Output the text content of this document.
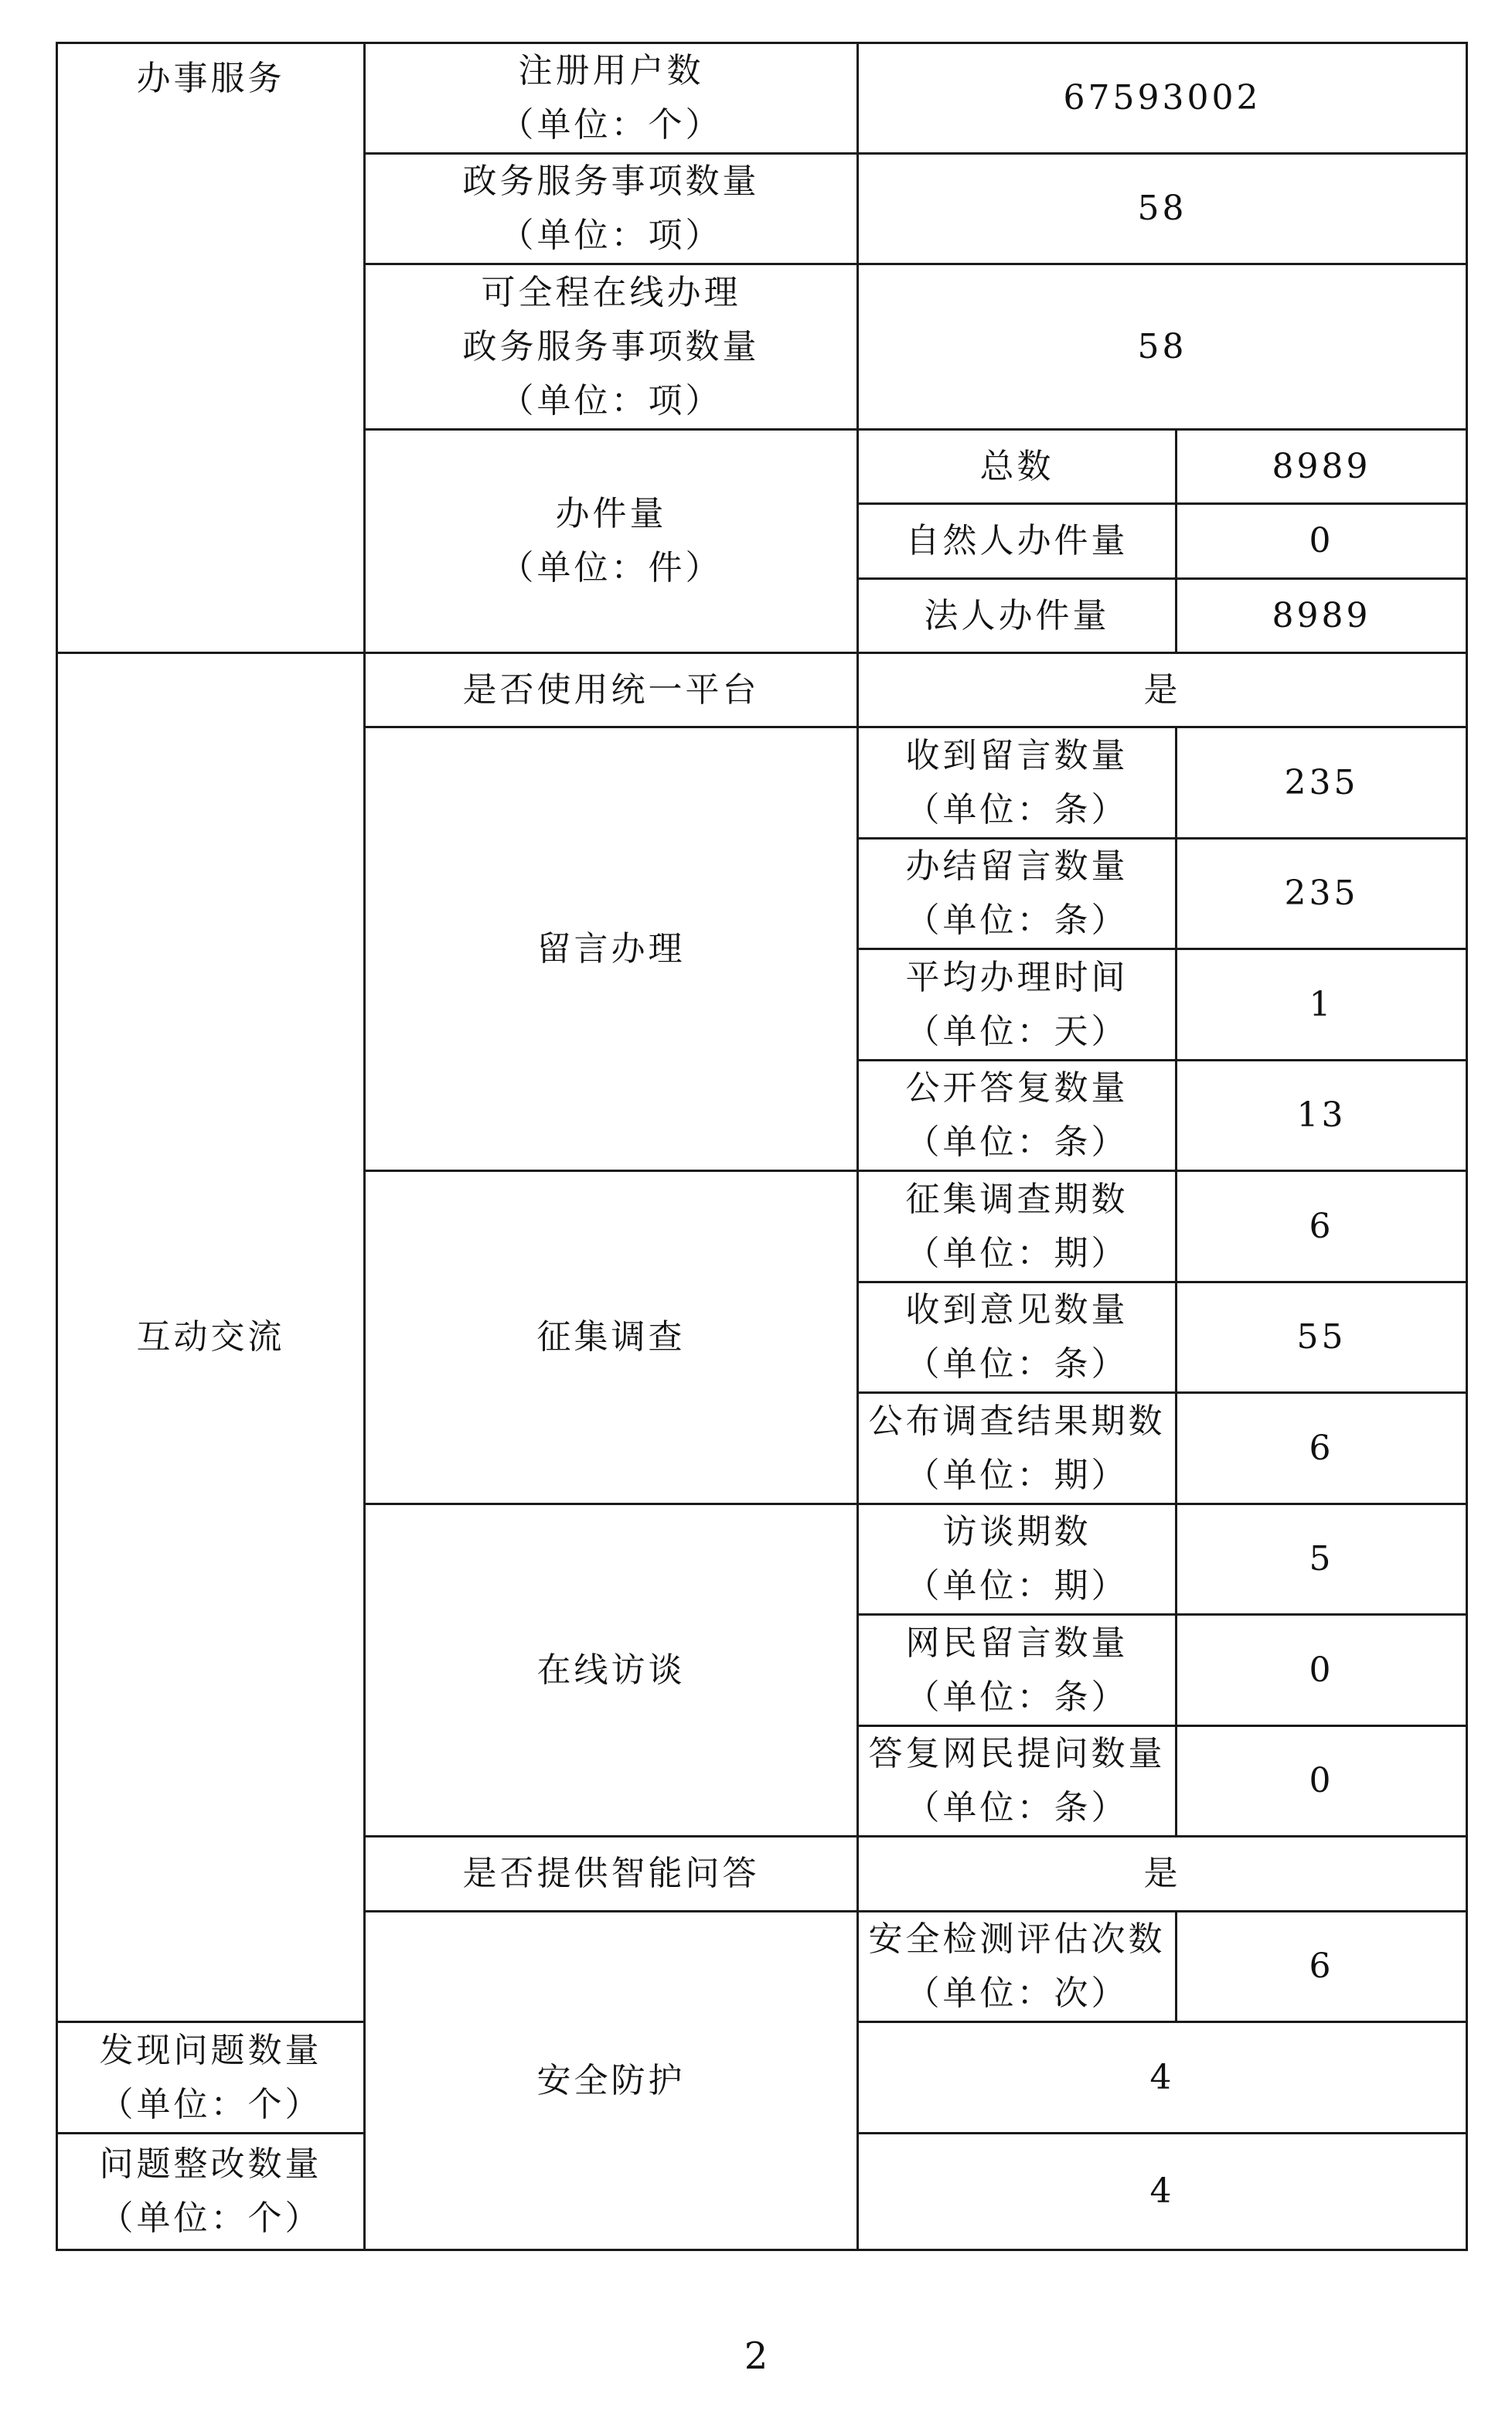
办事服务	注册用户数
（单位：个）	67593002	

	政务服务事项数量
（单位：项）	58	

	可全程在线办理
政务服务事项数量
（单位：项）	58	

	办件量
（单位：件）	总数	8989
		自然人办件量	0
		法人办件量	8989
互动交流	是否使用统一平台	是	
	留言办理	收到留言数量
（单位：条）	235

		办结留言数量
（单位：条）	235

		平均办理时间
（单位：天）	1

		公开答复数量
（单位：条）	13
	征集调查	征集调查期数
（单位：期）	6

		收到意见数量
（单位：条）	55

		公布调查结果期数
（单位：期）	6
	在线访谈	访谈期数
（单位：期）	5

		网民留言数量
（单位：条）	0

		答复网民提问数量
（单位：条）	0
	是否提供智能问答	是	
	安全防护	安全检测评估次数
（单位：次）	6

发现问题数量
（单位：个）		4	

问题整改数量
（单位：个）		4	
2
